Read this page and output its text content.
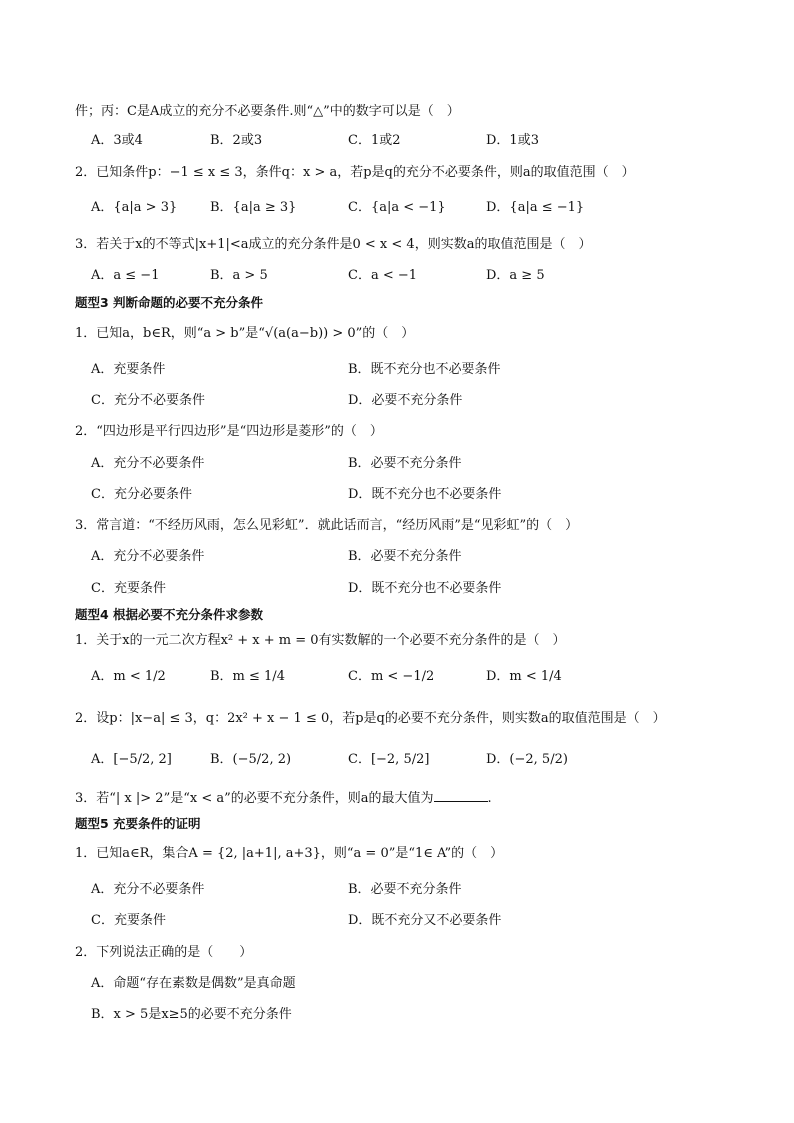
件；丙：C是A成立的充分不必要条件.则“△”中的数字可以是（　）
A．3或4	B．2或3	C．1或2	D．1或3
2．已知条件p：−1 ≤ x ≤ 3，条件q：x > a，若p是q的充分不必要条件，则a的取值范围（　）
A．{a|a > 3}	B．{a|a ≥ 3}	C．{a|a < −1}	D．{a|a ≤ −1}
3．若关于x的不等式|x+1|<a成立的充分条件是0 < x < 4，则实数a的取值范围是（　）
A．a ≤ −1	B．a > 5	C．a < −1	D．a ≥ 5
题型3 判断命题的必要不充分条件
1．已知a，b∈R，则“a > b”是“√(a(a−b)) > 0”的（　）
A．充要条件	B．既不充分也不必要条件
C．充分不必要条件	D．必要不充分条件
2．“四边形是平行四边形”是“四边形是菱形”的（　）
A．充分不必要条件	B．必要不充分条件
C．充分必要条件	D．既不充分也不必要条件
3．常言道：“不经历风雨，怎么见彩虹”．就此话而言，“经历风雨”是“见彩虹”的（　）
A．充分不必要条件	B．必要不充分条件
C．充要条件	D．既不充分也不必要条件
题型4 根据必要不充分条件求参数
1．关于x的一元二次方程x² + x + m = 0有实数解的一个必要不充分条件的是（　）
A．m < 1/2	B．m ≤ 1/4	C．m < −1/2	D．m < 1/4
2．设p：|x−a| ≤ 3，q：2x² + x − 1 ≤ 0，若p是q的必要不充分条件，则实数a的取值范围是（　）
A．[−5/2, 2]	B．(−5/2, 2)	C．[−2, 5/2]	D．(−2, 5/2)
3．若“| x |> 2”是“x < a”的必要不充分条件，则a的最大值为	.
题型5 充要条件的证明
1．已知a∈R，集合A = {2, |a+1|, a+3}，则“a = 0”是“1∈ A”的（　）
A．充分不必要条件	B．必要不充分条件
C．充要条件	D．既不充分又不必要条件
2．下列说法正确的是（　　）
A．命题“存在素数是偶数”是真命题
B．x > 5是x≥5的必要不充分条件
